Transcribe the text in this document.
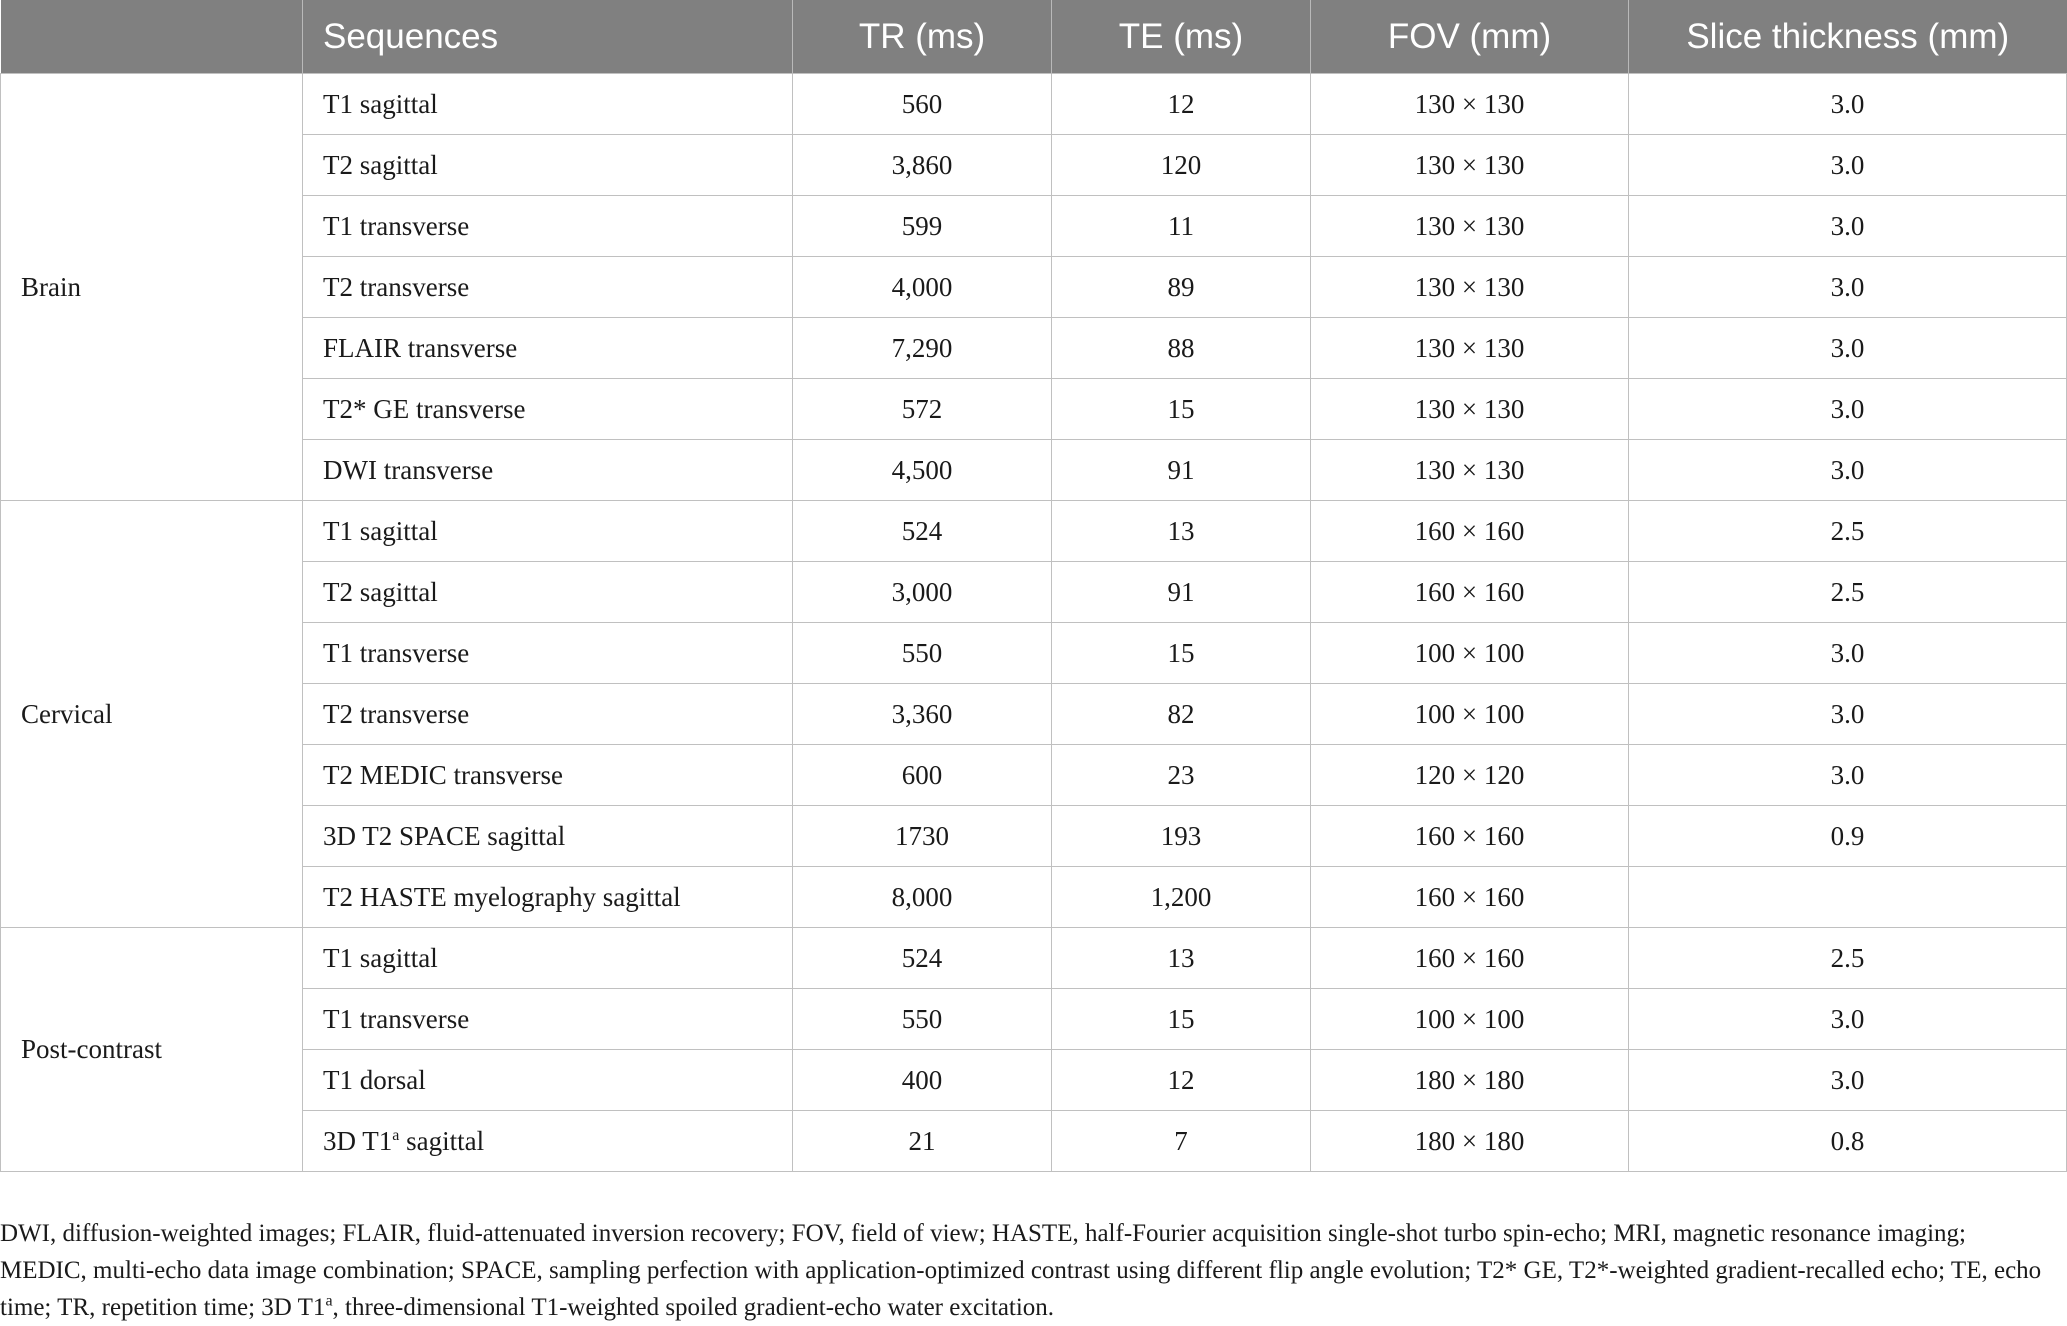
	Sequences	TR (ms)	TE (ms)	FOV (mm)	Slice thickness (mm)
Brain	T1 sagittal	560	12	130 × 130	3.0
	T2 sagittal	3,860	120	130 × 130	3.0
	T1 transverse	599	11	130 × 130	3.0
	T2 transverse	4,000	89	130 × 130	3.0
	FLAIR transverse	7,290	88	130 × 130	3.0
	T2* GE transverse	572	15	130 × 130	3.0
	DWI transverse	4,500	91	130 × 130	3.0
Cervical	T1 sagittal	524	13	160 × 160	2.5
	T2 sagittal	3,000	91	160 × 160	2.5
	T1 transverse	550	15	100 × 100	3.0
	T2 transverse	3,360	82	100 × 100	3.0
	T2 MEDIC transverse	600	23	120 × 120	3.0
	3D T2 SPACE sagittal	1730	193	160 × 160	0.9
	T2 HASTE myelography sagittal	8,000	1,200	160 × 160	
Post-contrast	T1 sagittal	524	13	160 × 160	2.5
	T1 transverse	550	15	100 × 100	3.0
	T1 dorsal	400	12	180 × 180	3.0
	3D T1$^a$ sagittal	21	7	180 × 180	0.8

DWI, diffusion-weighted images; FLAIR, fluid-attenuated inversion recovery; FOV, field of view; HASTE, half-Fourier acquisition single-shot turbo spin-echo; MRI, magnetic resonance imaging; MEDIC, multi-echo data image combination; SPACE, sampling perfection with application-optimized contrast using different flip angle evolution; T2* GE, T2*-weighted gradient-recalled echo; TE, echo time; TR, repetition time; 3D T1$^a$, three-dimensional T1-weighted spoiled gradient-echo water excitation.
